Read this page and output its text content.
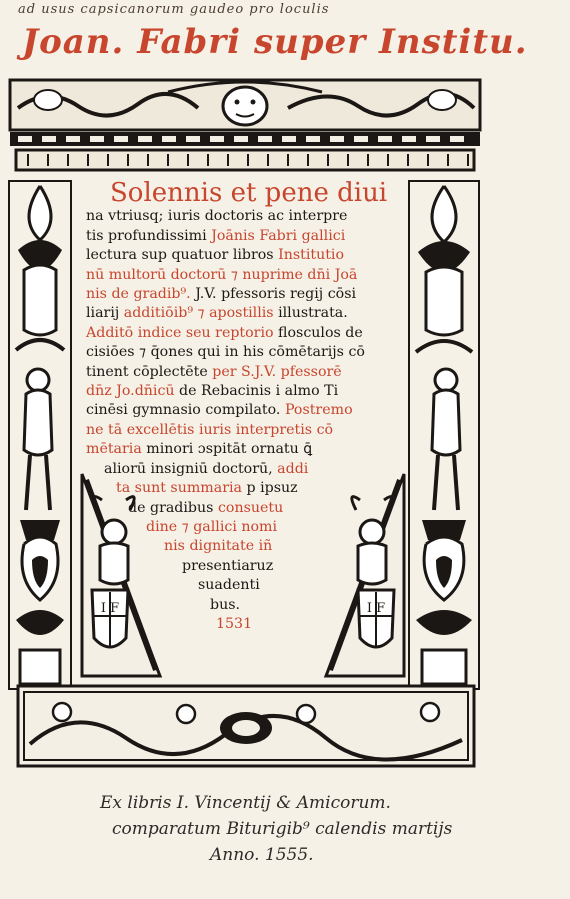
ad usus capsicanorum gaudeo pro loculis
Joan. Fabri super Institu.
I F	I F
Solennis et pene diui
na vtriusq; iuris doctoris ac interpre
tis profundissimi Joānis Fabri gallici
lectura sup quatuor libros Institutio
nū multorū doctorū ⁊ nuprime dn̄i Joā
nis de gradib⁹. J.V. pfessoris regij cōsi
liarij additiōib⁹ ⁊ apostillis illustrata.
Additō indice seu reptorio flosculos de
cisiōes ⁊ q̄ones qui in his cōmētarijs cō
tinent cōplectēte per S.J.V. pfessorē
dn̄z Jo.dn̄icū de Rebacinis i almo Ti
cinēsi gymnasio compilato. Postremo
ne tā excellētis iuris interpretis cō
mētaria minori ɔspitāt ornatu ꝗ̄
aliorū insigniū doctorū, addi
ta sunt summaria p ipsuz
de gradibus consuetu
dine ⁊ gallici nomi
nis dignitate iñ
presentiaruz
suadenti
bus.
1531
Ex libris I. Vincentij & Amicorum.
comparatum Biturigib⁹ calendis martijs
Anno. 1555.
